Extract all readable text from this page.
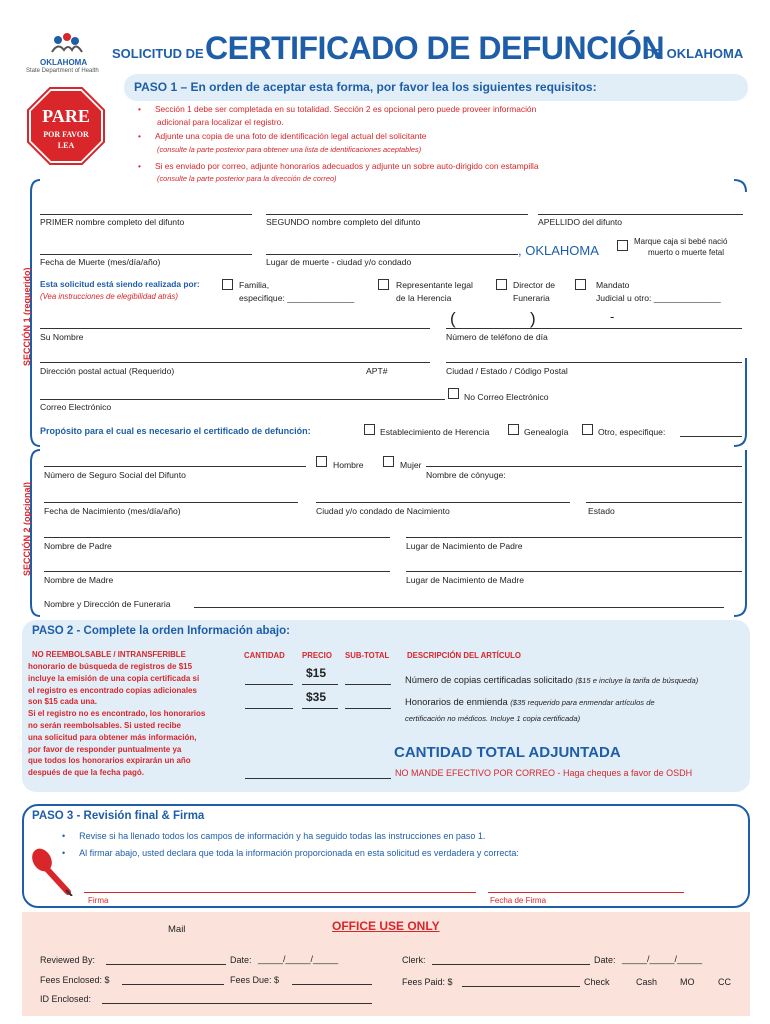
OKLAHOMA
State Department of Health
SOLICITUD DE CERTIFICADO DE DEFUNCIÓN
DE OKLAHOMA
PASO 1 – En orden de aceptar esta forma, por favor lea los siguientes requisitos:
PARE
POR FAVOR
LEA
• Sección 1 debe ser completada en su totalidad. Sección 2 es opcional pero puede proveer información
adicional para localizar el registro.
• Adjunte una copia de una foto de identificación legal actual del solicitante
(consulte la parte posterior para obtener una lista de identificaciones aceptables)
• Si es enviado por correo, adjunte honorarios adecuados y adjunte un sobre auto-dirigido con estampilla
(consulte la parte posterior para la dirección de correo)
SECCIÓN 1 (requerido)
PRIMER nombre completo del difunto	SEGUNDO nombre completo del difunto	APELLIDO del difunto
Fecha de Muerte (mes/día/año)	Lugar de muerte - ciudad y/o condado
, OKLAHOMA
Marque caja si bebé nació
muerto o muerte fetal
Esta solicitud está siendo realizada por:
(Vea instrucciones de elegibilidad atrás)
Familia,
especifique: ______________
Representante legal
de la Herencia
Director de
Funeraria
Mandato
Judicial u otro: ______________
(	)	-
Su Nombre	Número de teléfono de día
Dirección postal actual (Requerido)	APT#	Ciudad / Estado / Código Postal
No Correo Electrónico
Correo Electrónico
Propósito para el cual es necesario el certificado de defunción:	Establecimiento de Herencia	Genealogía	Otro, especifique:
SECCIÓN 2 (opcional)
Hombre	Mujer
Número de Seguro Social del Difunto	Nombre de cónyuge:
Fecha de Nacimiento (mes/día/año)	Ciudad y/o condado de Nacimiento	Estado
Nombre de Padre	Lugar de Nacimiento de Padre
Nombre de Madre	Lugar de Nacimiento de Madre
Nombre y Dirección de Funeraria
PASO 2 - Complete la orden Información abajo:
NO REEMBOLSABLE / INTRANSFERIBLE
honorario de búsqueda de registros de $15
incluye la emisión de una copia certificada si
el registro es encontrado copias adicionales
son $15 cada una.
Si el registro no es encontrado, los honorarios
no serán reembolsables. Si usted recibe
una solicitud para obtener más información,
por favor de responder puntualmente ya
que todos los honorarios expirarán un año
después de que la fecha pagó.
CANTIDAD PRECIO SUB-TOTAL DESCRIPCIÓN DEL ARTÍCULO
$15	Número de copias certificadas solicitado ($15 e incluye la tarifa de búsqueda)
$35	Honorarios de enmienda ($35 requerido para enmendar artículos de
certificación no médicos. Incluye 1 copia certificada)
CANTIDAD TOTAL ADJUNTADA
NO MANDE EFECTIVO POR CORREO - Haga cheques a favor de OSDH
PASO 3 - Revisión final & Firma
• Revise si ha llenado todos los campos de información y ha seguido todas las instrucciones en paso 1.
• Al firmar abajo, usted declara que toda la información proporcionada en esta solicitud es verdadera y correcta:
Firma	Fecha de Firma
Mail	OFFICE USE ONLY
Reviewed By:	Date: _____/_____/_____	Clerk:	Date: _____/_____/_____
Fees Enclosed: $	Fees Due: $	Fees Paid: $	Check	Cash	MO	CC
ID Enclosed:
